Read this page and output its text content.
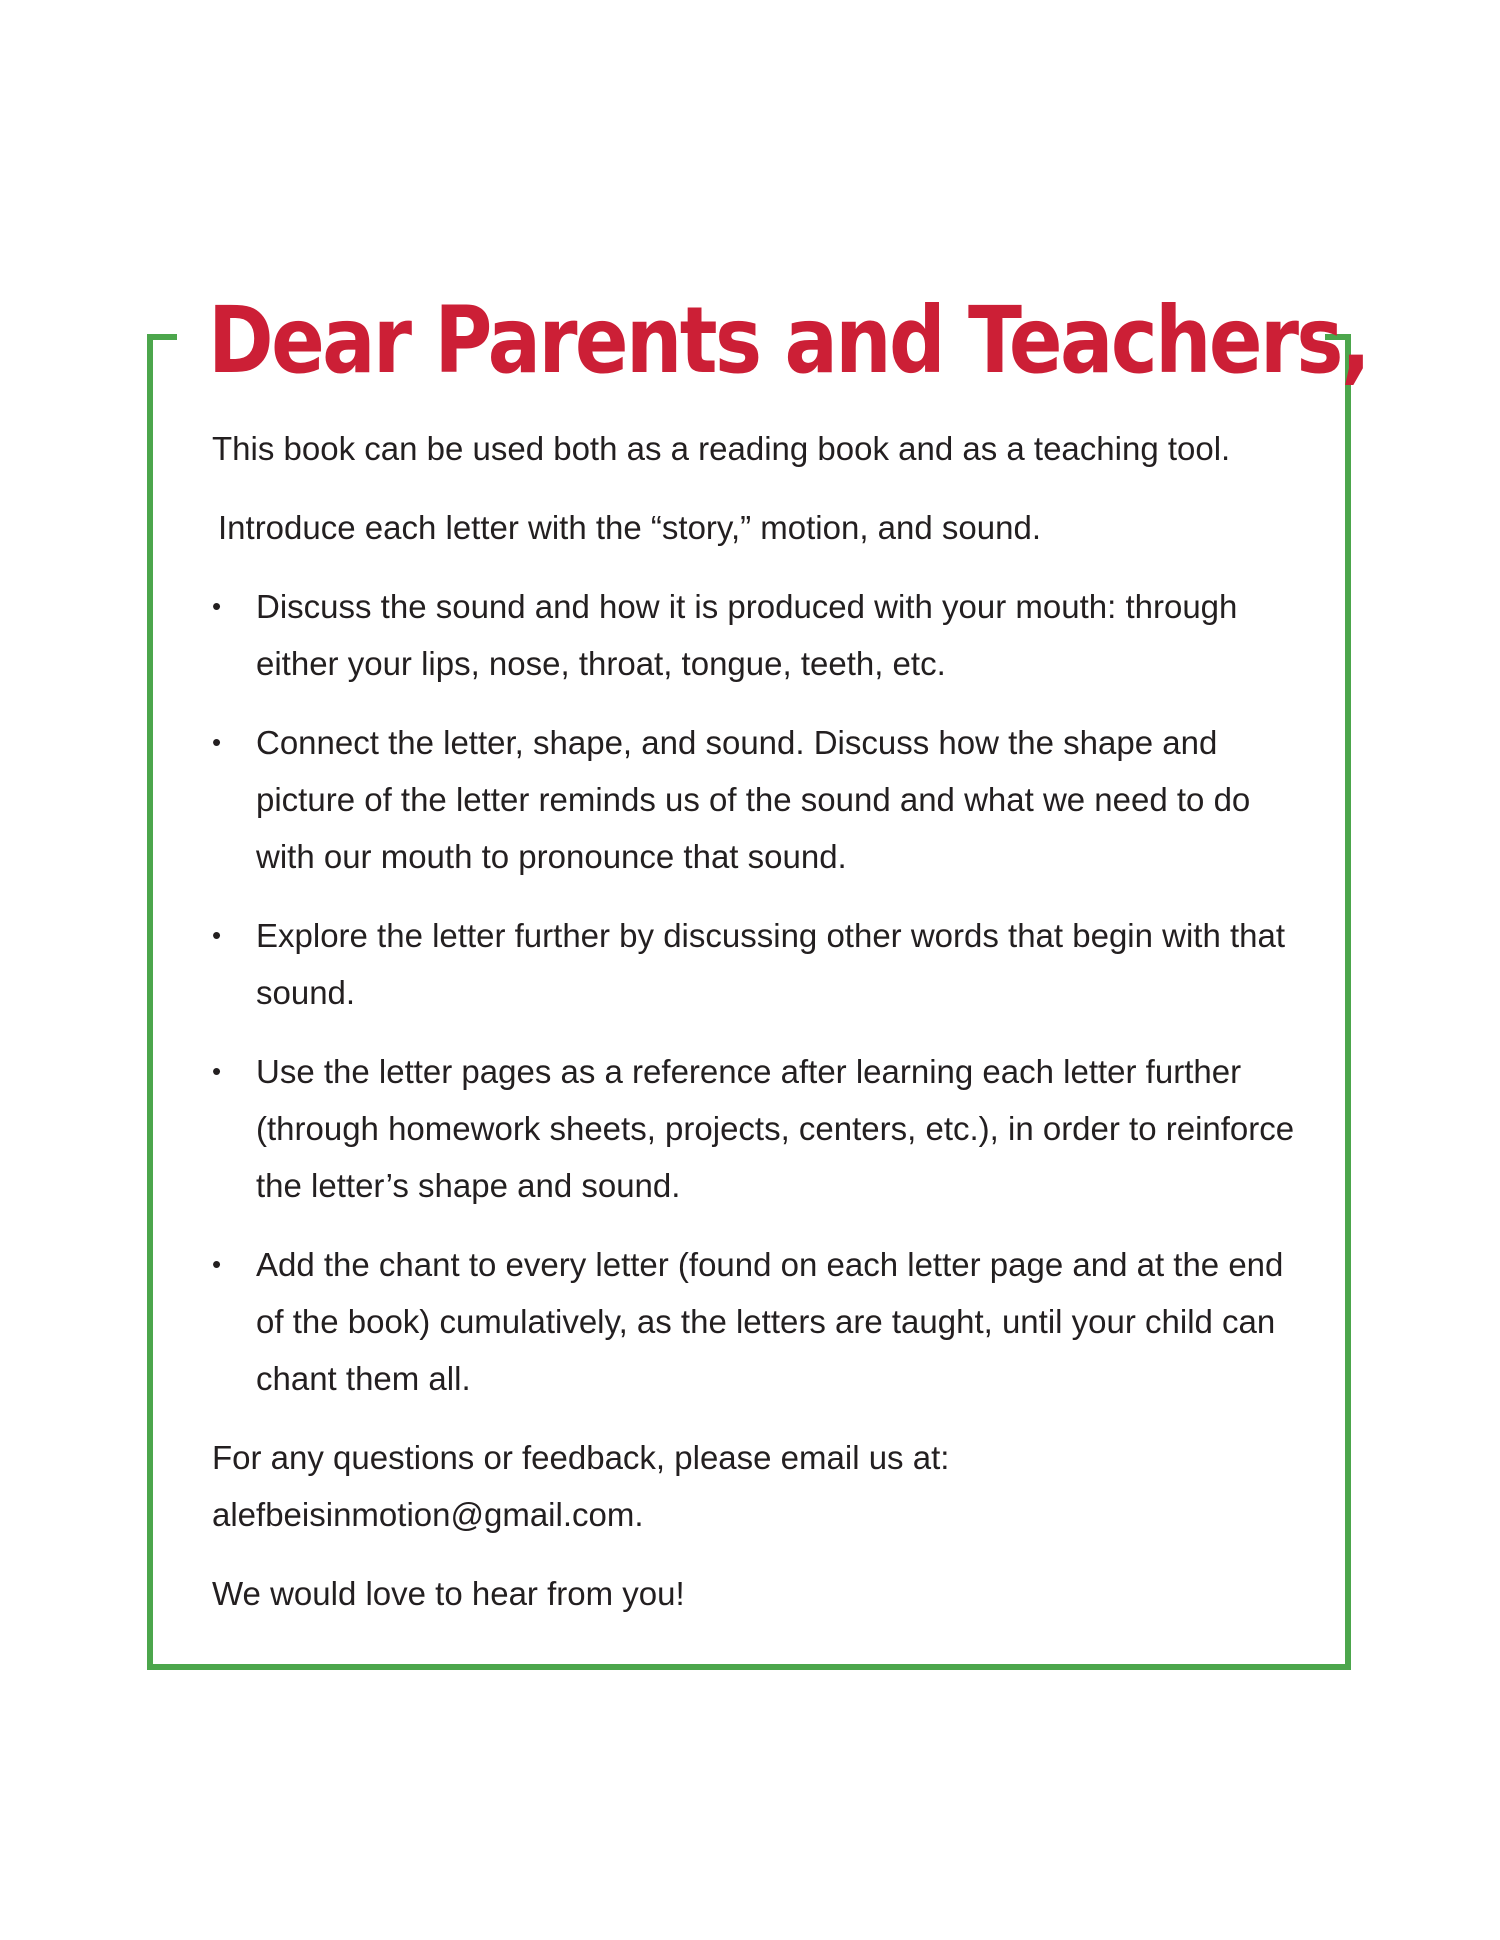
Dear Parents and Teachers,

This book can be used both as a reading book and as a teaching tool.

Introduce each letter with the “story,” motion, and sound.

• Discuss the sound and how it is produced with your mouth: through either your lips, nose, throat, tongue, teeth, etc.
• Connect the letter, shape, and sound. Discuss how the shape and picture of the letter reminds us of the sound and what we need to do with our mouth to pronounce that sound.
• Explore the letter further by discussing other words that begin with that sound.
• Use the letter pages as a reference after learning each letter further (through homework sheets, projects, centers, etc.), in order to reinforce the letter’s shape and sound.
• Add the chant to every letter (found on each letter page and at the end of the book) cumulatively, as the letters are taught, until your child can chant them all.
For any questions or feedback, please email us at:
alefbeisinmotion@gmail.com.

We would love to hear from you!
